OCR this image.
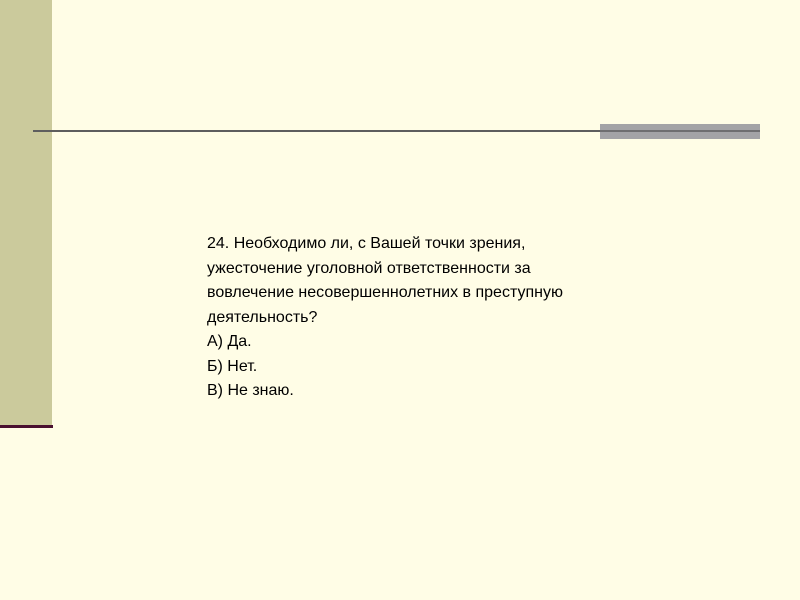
24. Необходимо ли, с Вашей точки зрения,
ужесточение уголовной ответственности за
вовлечение несовершеннолетних в преступную
деятельность?
А) Да.
Б) Нет.
В) Не знаю.
